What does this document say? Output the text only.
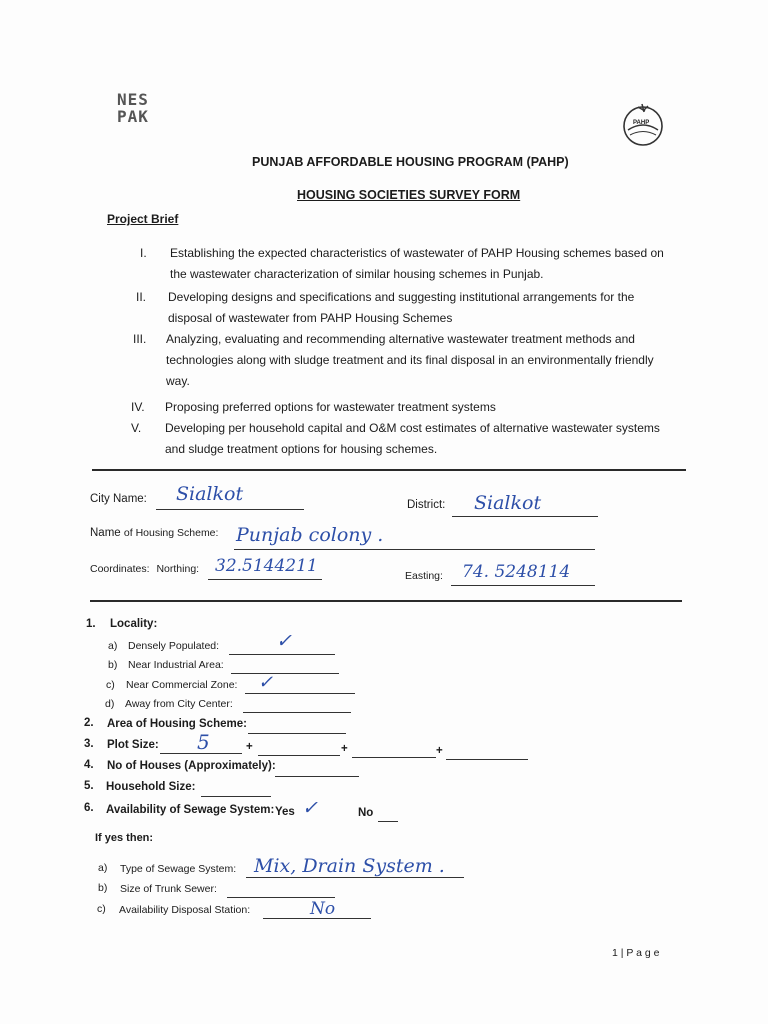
NES PAK	PAHP
PUNJAB AFFORDABLE HOUSING PROGRAM (PAHP)
HOUSING SOCIETIES SURVEY FORM
Project Brief
I. Establishing the expected characteristics of wastewater of PAHP Housing schemes based on
the wastewater characterization of similar housing schemes in Punjab.
II. Developing designs and specifications and suggesting institutional arrangements for the
disposal of wastewater from PAHP Housing Schemes
III. Analyzing, evaluating and recommending alternative wastewater treatment methods and
technologies along with sludge treatment and its final disposal in an environmentally friendly
way.
IV. Proposing preferred options for wastewater treatment systems
V. Developing per household capital and O&M cost estimates of alternative wastewater systems
and sludge treatment options for housing schemes.
City Name: Sialkot	District: Sialkot
Name of Housing Scheme: Punjab colony .
Coordinates: Northing: 32.5144211	Easting: 74. 5248114
1. Locality:
a) Densely Populated:	✓
b) Near Industrial Area:
c) Near Commercial Zone: ✓
d) Away from City Center:
2. Area of Housing Scheme:
3. Plot Size: 5	+	+	+
4. No of Houses (Approximately):
5. Household Size:
6. Availability of Sewage System: Yes ✓	No
If yes then:
a) Type of Sewage System: Mix, Drain System .
b) Size of Trunk Sewer:
c) Availability Disposal Station:	No
1 | P a g e
